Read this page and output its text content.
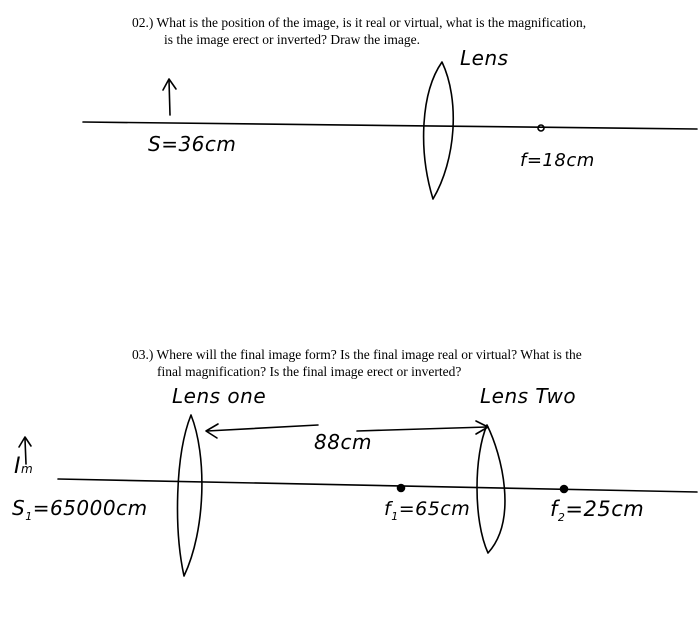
02.) What is the position of the image, is it real or virtual, what is the magnification,
is the image erect or inverted? Draw the image.
03.) Where will the final image form? Is the final image real or virtual? What is the
final magnification? Is the final image erect or inverted?
Lens
S=36cm
f=18cm
Lens one	Lens Two
88cm
Im
$S_1=65000cm$	$f_1=65cm$	$f_2=25cm$
